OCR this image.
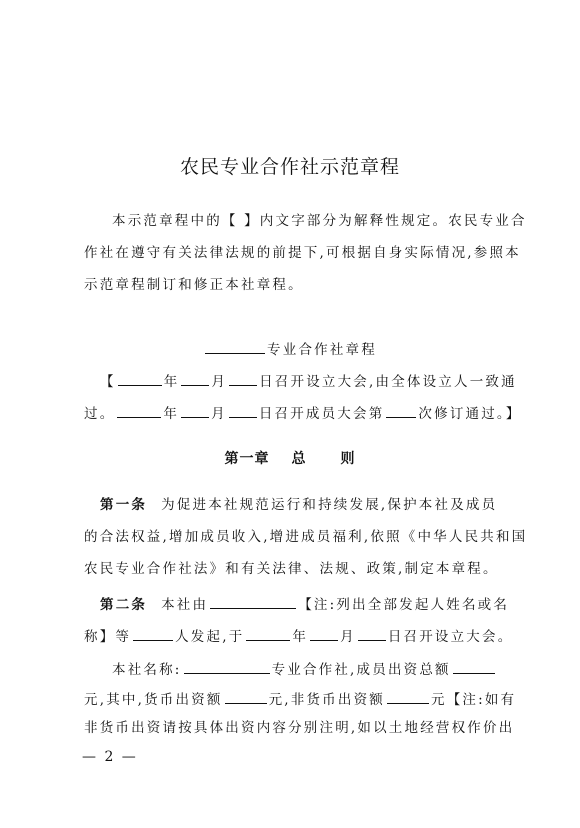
农民专业合作社示范章程
本示范章程中的【 】内文字部分为解释性规定。农民专业合
作社在遵守有关法律法规的前提下,可根据自身实际情况,参照本
示范章程制订和修正本社章程。
专业合作社章程
【	年 月 日召开设立大会,由全体设立人一致通
过。	年 月 日召开成员大会第	次修订通过。】
第一章 总 则
第一条 为促进本社规范运行和持续发展,保护本社及成员
的合法权益,增加成员收入,增进成员福利,依照《中华人民共和国
农民专业合作社法》和有关法律、法规、政策,制定本章程。
第二条 本社由	【注:列出全部发起人姓名或名
称】等	人发起,于	年 月 日召开设立大会。
本社名称:	专业合作社,成员出资总额
元,其中,货币出资额	元,非货币出资额	元【注:如有
非货币出资请按具体出资内容分别注明,如以土地经营权作价出
— 2 —
